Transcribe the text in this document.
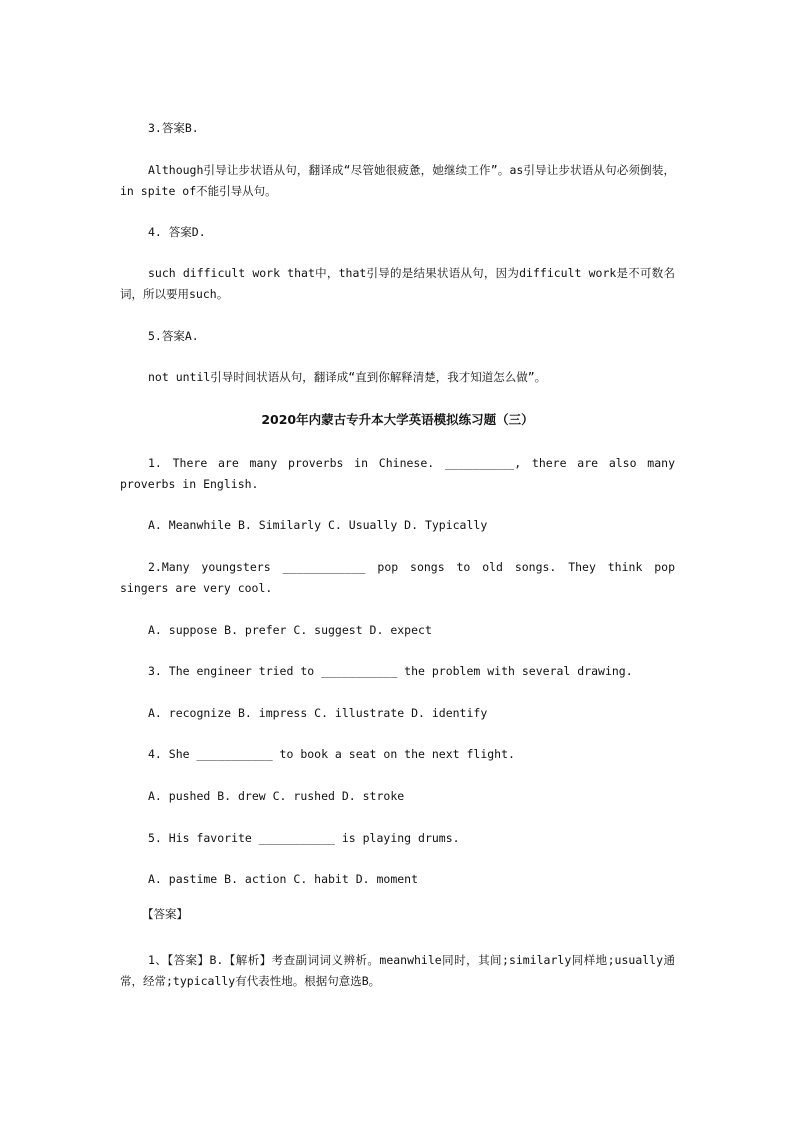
3.答案B.
Although引导让步状语从句，翻译成“尽管她很疲惫，她继续工作”。as引导让步状语从句必须倒装，in spite of不能引导从句。
4. 答案D.
such difficult work that中，that引导的是结果状语从句，因为difficult work是不可数名词，所以要用such。
5.答案A.
not until引导时间状语从句，翻译成“直到你解释清楚，我才知道怎么做”。
2020年内蒙古专升本大学英语模拟练习题（三）
1. There are many proverbs in Chinese. __________, there are also many proverbs in English.
A. Meanwhile B. Similarly C. Usually D. Typically
2.Many youngsters ____________ pop songs to old songs. They think pop singers are very cool.
A. suppose B. prefer C. suggest D. expect
3. The engineer tried to ___________ the problem with several drawing.
A. recognize B. impress C. illustrate D. identify
4. She ___________ to book a seat on the next flight.
A. pushed B. drew C. rushed D. stroke
5. His favorite ___________ is playing drums.
A. pastime B. action C. habit D. moment
【答案】
1、【答案】B.【解析】考查副词词义辨析。meanwhile同时，其间;similarly同样地;usually通常，经常;typically有代表性地。根据句意选B。
